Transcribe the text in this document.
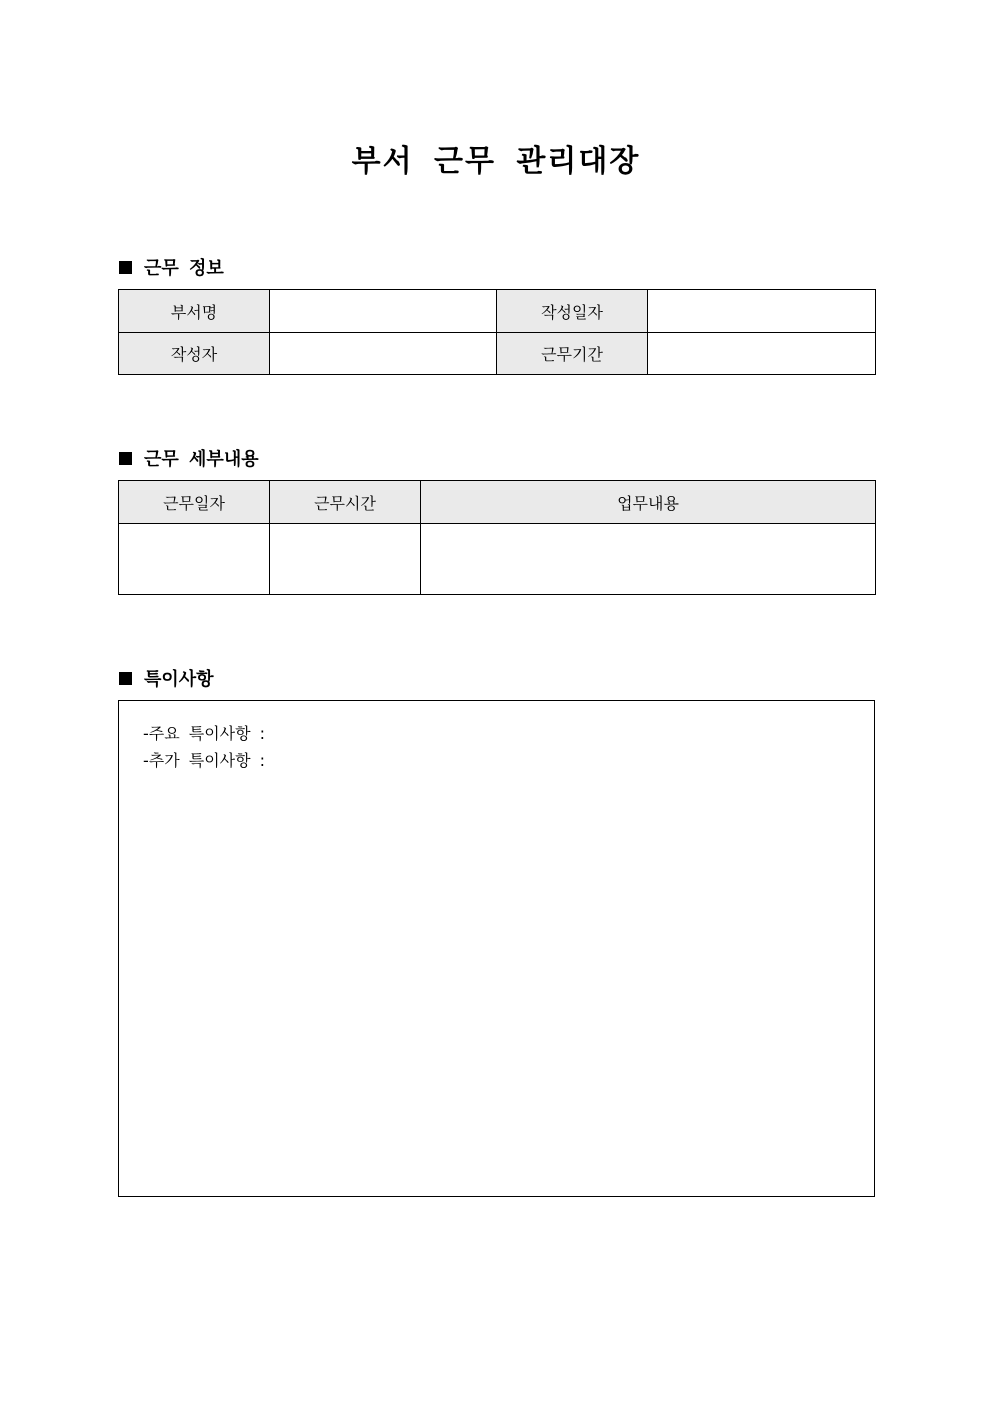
부서 근무 관리대장
근무 정보
부서명		작성일자	
작성자		근무기간	
근무 세부내용
근무일자	근무시간	업무내용

특이사항
-주요 특이사항 :
-추가 특이사항 :
